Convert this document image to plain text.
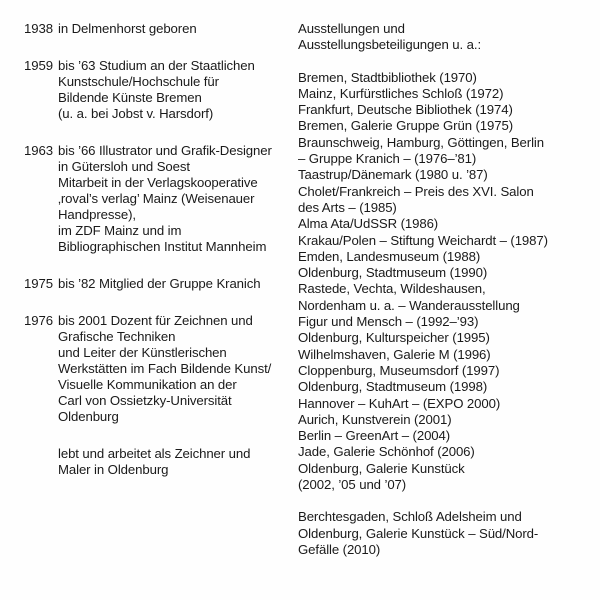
1938 in Delmenhorst geboren
1959 bis ’63 Studium an der Staatlichen
Kunstschule/Hochschule für
Bildende Künste Bremen
(u. a. bei Jobst v. Harsdorf)
1963 bis ’66 Illustrator und Grafik-Designer
in Gütersloh und Soest
Mitarbeit in der Verlagskooperative
‚roval’s verlag’ Mainz (Weisenauer
Handpresse),
im ZDF Mainz und im
Bibliographischen Institut Mannheim
1975 bis ’82 Mitglied der Gruppe Kranich
1976 bis 2001 Dozent für Zeichnen und
Grafische Techniken
und Leiter der Künstlerischen
Werkstätten im Fach Bildende Kunst/
Visuelle Kommunikation an der
Carl von Ossietzky-Universität
Oldenburg
lebt und arbeitet als Zeichner und
Maler in Oldenburg
Ausstellungen und
Ausstellungsbeteiligungen u. a.:
Bremen, Stadtbibliothek (1970)
Mainz, Kurfürstliches Schloß (1972)
Frankfurt, Deutsche Bibliothek (1974)
Bremen, Galerie Gruppe Grün (1975)
Braunschweig, Hamburg, Göttingen, Berlin
– Gruppe Kranich – (1976–’81)
Taastrup/Dänemark (1980 u. ’87)
Cholet/Frankreich – Preis des XVI. Salon
des Arts – (1985)
Alma Ata/UdSSR (1986)
Krakau/Polen – Stiftung Weichardt – (1987)
Emden, Landesmuseum (1988)
Oldenburg, Stadtmuseum (1990)
Rastede, Vechta, Wildeshausen,
Nordenham u. a. – Wanderausstellung
Figur und Mensch – (1992–’93)
Oldenburg, Kulturspeicher (1995)
Wilhelmshaven, Galerie M (1996)
Cloppenburg, Museumsdorf (1997)
Oldenburg, Stadtmuseum (1998)
Hannover – KuhArt – (EXPO 2000)
Aurich, Kunstverein (2001)
Berlin – GreenArt – (2004)
Jade, Galerie Schönhof (2006)
Oldenburg, Galerie Kunstück
(2002, ’05 und ’07)
Berchtesgaden, Schloß Adelsheim und
Oldenburg, Galerie Kunstück – Süd/Nord-
Gefälle (2010)
